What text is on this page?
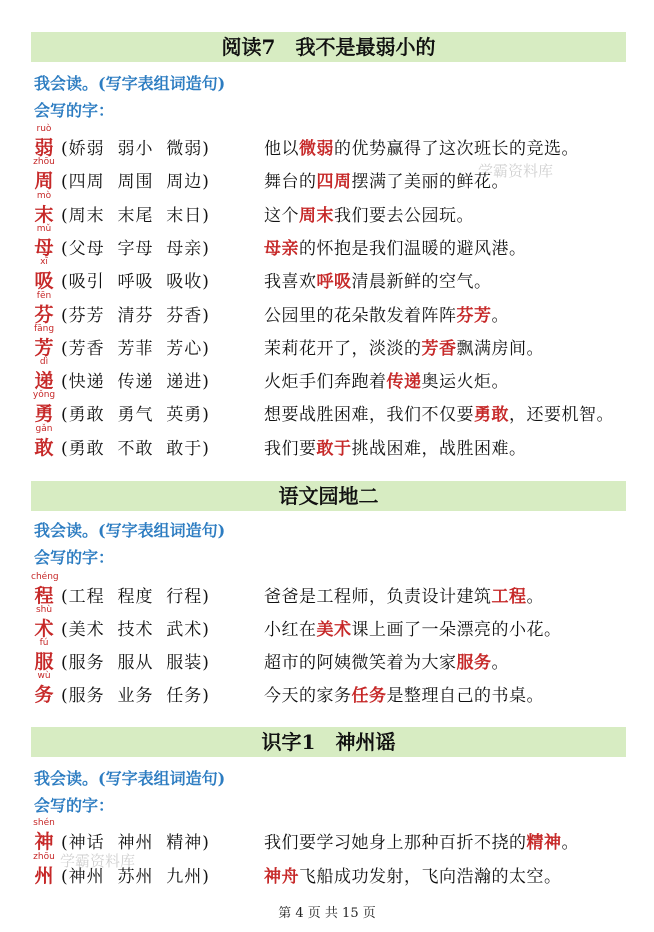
阅读7　我不是最弱小的
我会读。(写字表组词造句)
会写的字：
ruò
弱 (娇弱  弱小  微弱)	他以微弱的优势赢得了这次班长的竞选。
zhōu
周 (四周  周围  周边)	舞台的四周摆满了美丽的鲜花。
mò
末 (周末  末尾  末日)	这个周末我们要去公园玩。
mǔ
母 (父母  字母  母亲)	母亲的怀抱是我们温暖的避风港。
xī
吸 (吸引  呼吸  吸收)	我喜欢呼吸清晨新鲜的空气。
fēn
芬 (芬芳  清芬  芬香)	公园里的花朵散发着阵阵芬芳。
fāng
芳 (芳香  芳菲  芳心)	茉莉花开了，淡淡的芳香飘满房间。
dì
递 (快递  传递  递进)	火炬手们奔跑着传递奥运火炬。
yǒng
勇 (勇敢  勇气  英勇)	想要战胜困难，我们不仅要勇敢，还要机智。
gǎn
敢 (勇敢  不敢  敢于)	我们要敢于挑战困难，战胜困难。
语文园地二
我会读。(写字表组词造句)
会写的字：
chéng
程 (工程  程度  行程)	爸爸是工程师，负责设计建筑工程。
shù
术 (美术  技术  武术)	小红在美术课上画了一朵漂亮的小花。
fú
服 (服务  服从  服装)	超市的阿姨微笑着为大家服务。
wù
务 (服务  业务  任务)	今天的家务任务是整理自己的书桌。
识字1　神州谣
我会读。(写字表组词造句)
会写的字：
shén
神 (神话  神州  精神)	我们要学习她身上那种百折不挠的精神。
zhōu
州 (神州  苏州  九州)	神舟飞船成功发射，飞向浩瀚的太空。
学霸资料库
学霸资料库
第 4 页 共 15 页
